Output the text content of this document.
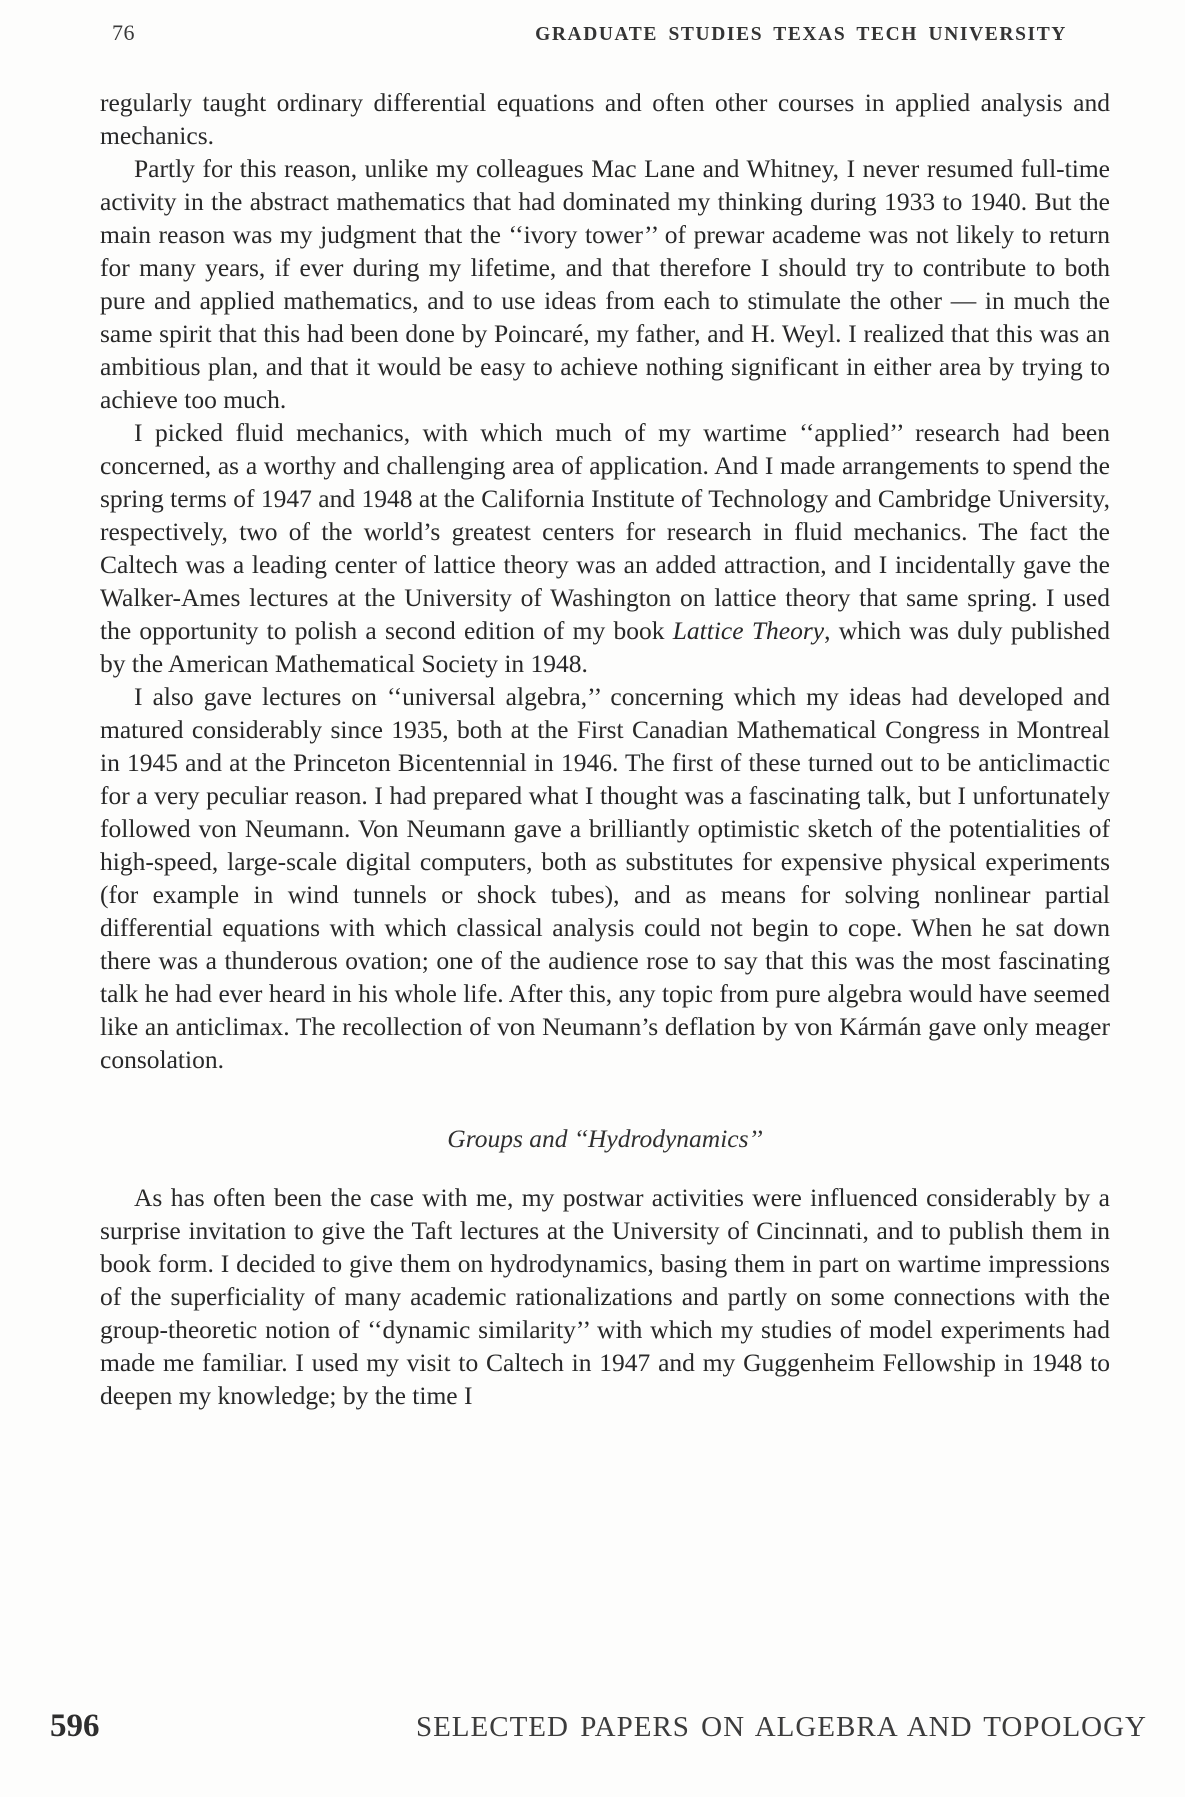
76	GRADUATE STUDIES TEXAS TECH UNIVERSITY

regularly taught ordinary differential equations and often other courses in applied analysis and mechanics.

Partly for this reason, unlike my colleagues Mac Lane and Whitney, I never resumed full-time activity in the abstract mathematics that had dominated my thinking during 1933 to 1940. But the main reason was my judgment that the ‘‘ivory tower’’ of prewar academe was not likely to return for many years, if ever during my lifetime, and that therefore I should try to contribute to both pure and applied mathematics, and to use ideas from each to stimulate the other — in much the same spirit that this had been done by Poincaré, my father, and H. Weyl. I realized that this was an ambitious plan, and that it would be easy to achieve nothing significant in either area by trying to achieve too much.

I picked fluid mechanics, with which much of my wartime ‘‘applied’’ research had been concerned, as a worthy and challenging area of application. And I made arrangements to spend the spring terms of 1947 and 1948 at the California Institute of Technology and Cambridge University, respectively, two of the world’s greatest centers for research in fluid mechanics. The fact the Caltech was a leading center of lattice theory was an added attraction, and I incidentally gave the Walker-Ames lectures at the University of Washington on lattice theory that same spring. I used the opportunity to polish a second edition of my book Lattice Theory, which was duly published by the American Mathematical Society in 1948.

I also gave lectures on ‘‘universal algebra,’’ concerning which my ideas had developed and matured considerably since 1935, both at the First Canadian Mathematical Congress in Montreal in 1945 and at the Princeton Bicentennial in 1946. The first of these turned out to be anticlimactic for a very peculiar reason. I had prepared what I thought was a fascinating talk, but I unfortunately followed von Neumann. Von Neumann gave a brilliantly optimistic sketch of the potentialities of high-speed, large-scale digital computers, both as substitutes for expensive physical experiments (for example in wind tunnels or shock tubes), and as means for solving nonlinear partial differential equations with which classical analysis could not begin to cope. When he sat down there was a thunderous ovation; one of the audience rose to say that this was the most fascinating talk he had ever heard in his whole life. After this, any topic from pure algebra would have seemed like an anticlimax. The recollection of von Neumann’s deflation by von Kármán gave only meager consolation.

Groups and ‘‘Hydrodynamics’’

As has often been the case with me, my postwar activities were influenced considerably by a surprise invitation to give the Taft lectures at the University of Cincinnati, and to publish them in book form. I decided to give them on hydrodynamics, basing them in part on wartime impressions of the superficiality of many academic rationalizations and partly on some connections with the group-theoretic notion of ‘‘dynamic similarity’’ with which my studies of model experiments had made me familiar. I used my visit to Caltech in 1947 and my Guggenheim Fellowship in 1948 to deepen my knowledge; by the time I

596	SELECTED PAPERS ON ALGEBRA AND TOPOLOGY
